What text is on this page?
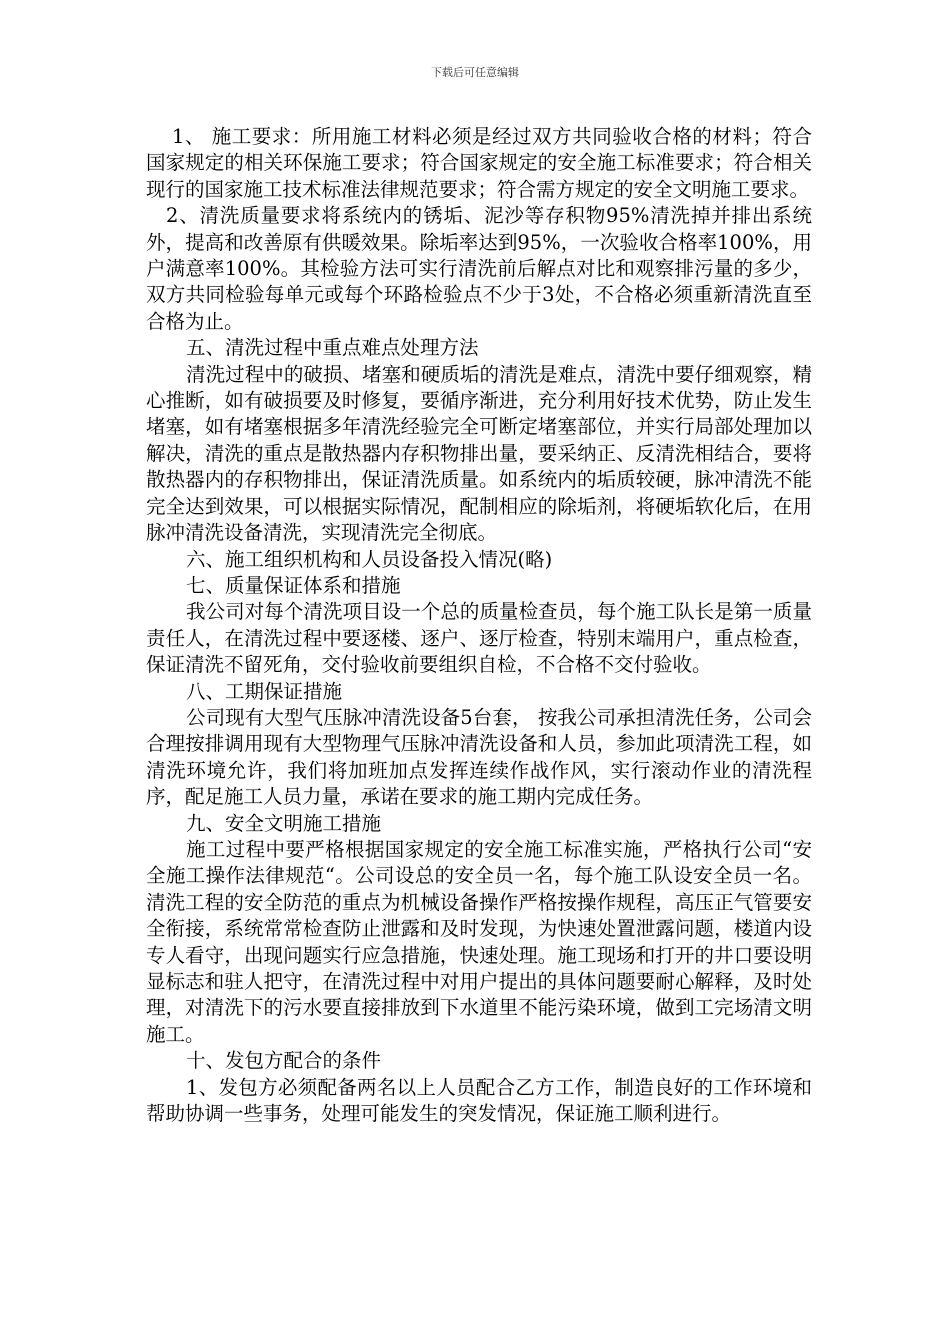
下载后可任意编辑

1、 施工要求：所用施工材料必须是经过双方共同验收合格的材料；符合国家规定的相关环保施工要求；符合国家规定的安全施工标准要求；符合相关现行的国家施工技术标准法律规范要求；符合需方规定的安全文明施工要求。

2、清洗质量要求将系统内的锈垢、泥沙等存积物95%清洗掉并排出系统外，提高和改善原有供暖效果。除垢率达到95%，一次验收合格率100%，用户满意率100%。其检验方法可实行清洗前后解点对比和观察排污量的多少，双方共同检验每单元或每个环路检验点不少于3处，不合格必须重新清洗直至合格为止。

五、清洗过程中重点难点处理方法

清洗过程中的破损、堵塞和硬质垢的清洗是难点，清洗中要仔细观察，精心推断，如有破损要及时修复，要循序渐进，充分利用好技术优势，防止发生堵塞，如有堵塞根据多年清洗经验完全可断定堵塞部位，并实行局部处理加以解决，清洗的重点是散热器内存积物排出量，要采纳正、反清洗相结合，要将散热器内的存积物排出，保证清洗质量。如系统内的垢质较硬，脉冲清洗不能完全达到效果，可以根据实际情况，配制相应的除垢剂，将硬垢软化后，在用脉冲清洗设备清洗，实现清洗完全彻底。

六、施工组织机构和人员设备投入情况(略)

七、质量保证体系和措施

我公司对每个清洗项目设一个总的质量检查员，每个施工队长是第一质量责任人，在清洗过程中要逐楼、逐户、逐厅检查，特别末端用户，重点检查，保证清洗不留死角，交付验收前要组织自检，不合格不交付验收。

八、工期保证措施

公司现有大型气压脉冲清洗设备5台套， 按我公司承担清洗任务，公司会合理按排调用现有大型物理气压脉冲清洗设备和人员，参加此项清洗工程，如清洗环境允许，我们将加班加点发挥连续作战作风，实行滚动作业的清洗程序，配足施工人员力量，承诺在要求的施工期内完成任务。

九、安全文明施工措施

施工过程中要严格根据国家规定的安全施工标准实施，严格执行公司“安全施工操作法律规范“。公司设总的安全员一名，每个施工队设安全员一名。清洗工程的安全防范的重点为机械设备操作严格按操作规程，高压正气管要安全衔接，系统常常检查防止泄露和及时发现，为快速处置泄露问题，楼道内设专人看守，出现问题实行应急措施，快速处理。施工现场和打开的井口要设明显标志和驻人把守，在清洗过程中对用户提出的具体问题要耐心解释，及时处理，对清洗下的污水要直接排放到下水道里不能污染环境，做到工完场清文明施工。

十、发包方配合的条件

1、发包方必须配备两名以上人员配合乙方工作，制造良好的工作环境和帮助协调一些事务，处理可能发生的突发情况，保证施工顺利进行。
